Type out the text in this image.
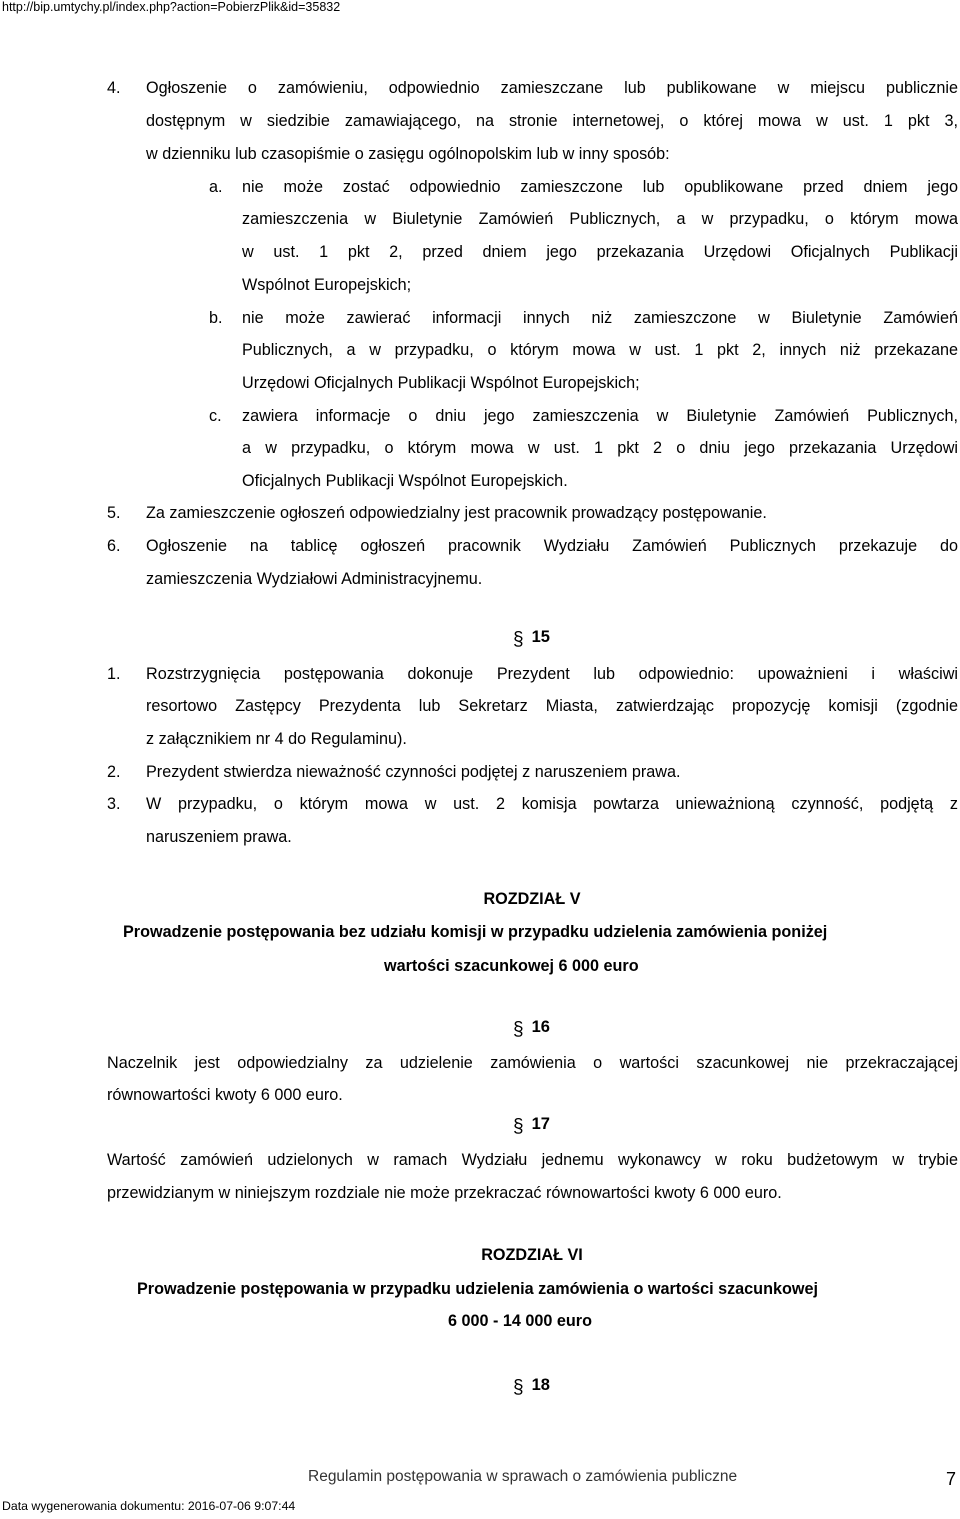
http://bip.umtychy.pl/index.php?action=PobierzPlik&id=35832
4. Ogłoszenie o zamówieniu, odpowiednio zamieszczane lub publikowane w miejscu publicznie
dostępnym w siedzibie zamawiającego, na stronie internetowej, o której mowa w ust. 1 pkt 3,
w dzienniku lub czasopiśmie o zasięgu ogólnopolskim lub w inny sposób:
a. nie może zostać odpowiednio zamieszczone lub opublikowane przed dniem jego
zamieszczenia w Biuletynie Zamówień Publicznych, a w przypadku, o którym mowa
w ust. 1 pkt 2, przed dniem jego przekazania Urzędowi Oficjalnych Publikacji
Wspólnot Europejskich;
b. nie może zawierać informacji innych niż zamieszczone w Biuletynie Zamówień
Publicznych, a w przypadku, o którym mowa w ust. 1 pkt 2, innych niż przekazane
Urzędowi Oficjalnych Publikacji Wspólnot Europejskich;
c. zawiera informacje o dniu jego zamieszczenia w Biuletynie Zamówień Publicznych,
a w przypadku, o którym mowa w ust. 1 pkt 2 o dniu jego przekazania Urzędowi
Oficjalnych Publikacji Wspólnot Europejskich.
5. Za zamieszczenie ogłoszeń odpowiedzialny jest pracownik prowadzący postępowanie.
6. Ogłoszenie na tablicę ogłoszeń pracownik Wydziału Zamówień Publicznych przekazuje do
zamieszczenia Wydziałowi Administracyjnemu.
§ 15
1. Rozstrzygnięcia postępowania dokonuje Prezydent lub odpowiednio: upoważnieni i właściwi
resortowo Zastępcy Prezydenta lub Sekretarz Miasta, zatwierdzając propozycję komisji (zgodnie
z załącznikiem nr 4 do Regulaminu).
2. Prezydent stwierdza nieważność czynności podjętej z naruszeniem prawa.
3. W przypadku, o którym mowa w ust. 2 komisja powtarza unieważnioną czynność, podjętą z
naruszeniem prawa.
ROZDZIAŁ V
Prowadzenie postępowania bez udziału komisji w przypadku udzielenia zamówienia poniżej
wartości szacunkowej 6 000 euro
§ 16
Naczelnik jest odpowiedzialny za udzielenie zamówienia o wartości szacunkowej nie przekraczającej
równowartości kwoty 6 000 euro.
§ 17
Wartość zamówień udzielonych w ramach Wydziału jednemu wykonawcy w roku budżetowym w trybie
przewidzianym w niniejszym rozdziale nie może przekraczać równowartości kwoty 6 000 euro.
ROZDZIAŁ VI
Prowadzenie postępowania w przypadku udzielenia zamówienia o wartości szacunkowej
6 000 - 14 000 euro
§ 18
Regulamin postępowania w sprawach o zamówienia publiczne	7
Data wygenerowania dokumentu: 2016-07-06 9:07:44
